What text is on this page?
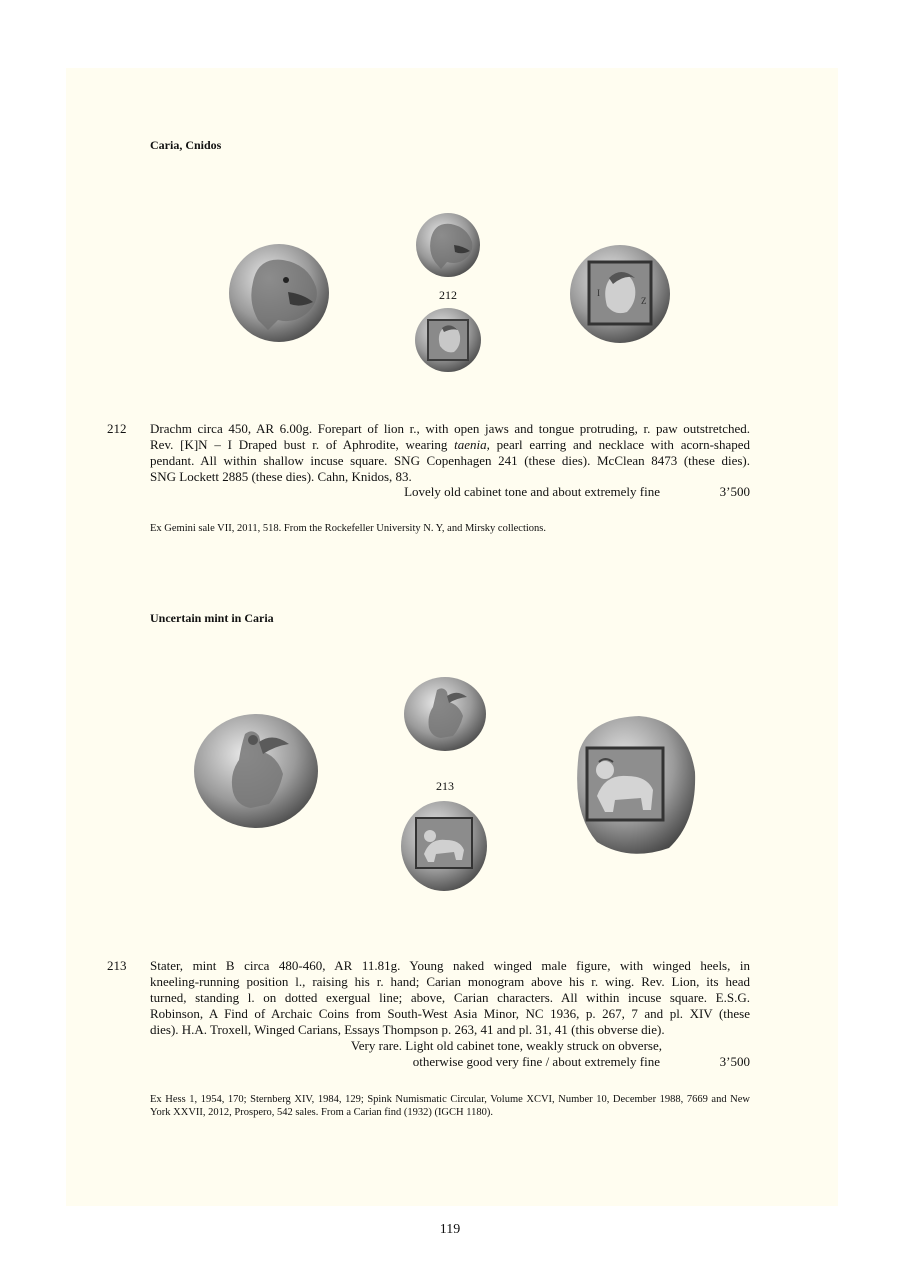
Caria, Cnidos
212	I
Z
212 Drachm circa 450, AR 6.00g. Forepart of lion r., with open jaws and tongue protruding, r. paw outstretched.
Rev. [K]N – I Draped bust r. of Aphrodite, wearing taenia, pearl earring and necklace with acorn-shaped
pendant. All within shallow incuse square. SNG Copenhagen 241 (these dies). McClean 8473 (these dies).
SNG Lockett 2885 (these dies). Cahn, Knidos, 83.
Lovely old cabinet tone and about extremely fine	3’500
Ex Gemini sale VII, 2011, 518. From the Rockefeller University N. Y, and Mirsky collections.
Uncertain mint in Caria
213
213 Stater, mint B circa 480-460, AR 11.81g. Young naked winged male figure, with winged heels, in
kneeling-running position l., raising his r. hand; Carian monogram above his r. wing. Rev. Lion, its head
turned, standing l. on dotted exergual line; above, Carian characters. All within incuse square. E.S.G.
Robinson, A Find of Archaic Coins from South-West Asia Minor, NC 1936, p. 267, 7 and pl. XIV (these
dies). H.A. Troxell, Winged Carians, Essays Thompson p. 263, 41 and pl. 31, 41 (this obverse die).
Very rare. Light old cabinet tone, weakly struck on obverse,
otherwise good very fine / about extremely fine	3’500
Ex Hess 1, 1954, 170; Sternberg XIV, 1984, 129; Spink Numismatic Circular, Volume XCVI, Number 10, December 1988, 7669 and New York XXVII, 2012, Prospero, 542 sales. From a Carian find (1932) (IGCH 1180).
119
